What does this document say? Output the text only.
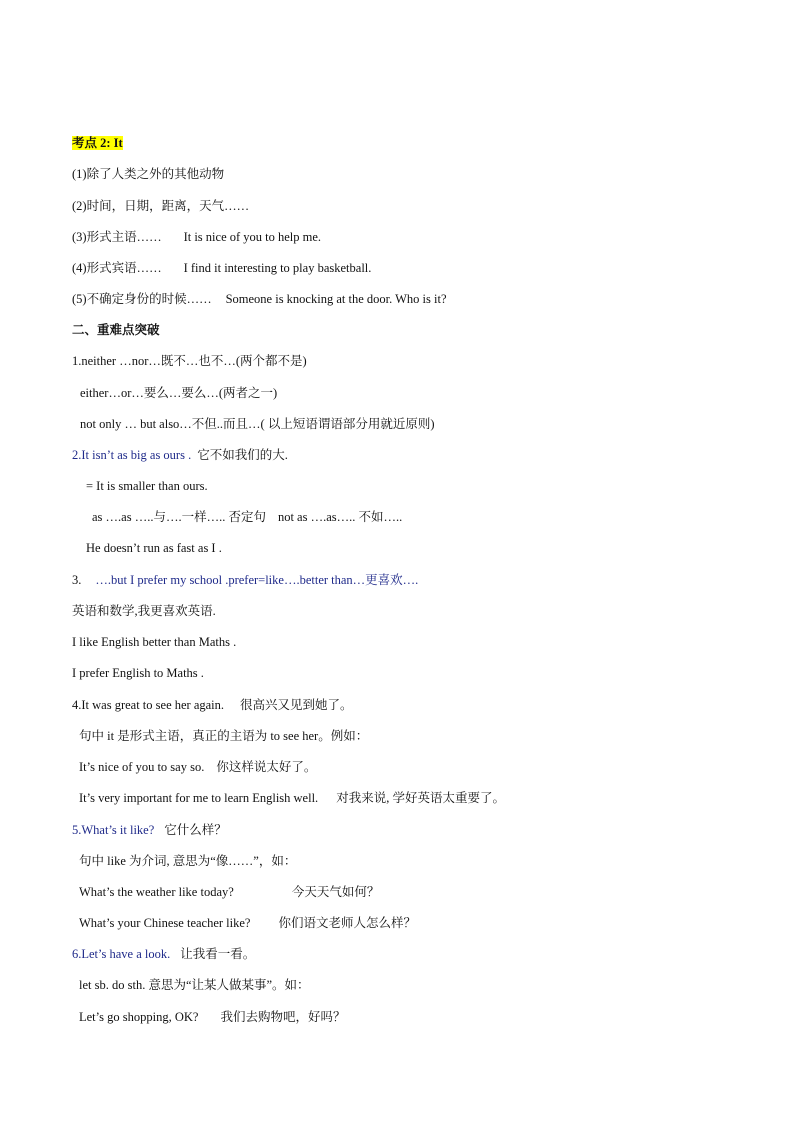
考点 2: It
(1)除了人类之外的其他动物
(2)时间，日期，距离，天气……
(3)形式主语…… It is nice of you to help me.
(4)形式宾语…… I find it interesting to play basketball.
(5)不确定身份的时候…… Someone is knocking at the door. Who is it?
二、重难点突破
1.neither …nor…既不…也不…(两个都不是)
either…or…要么…要么…(两者之一)
not only … but also…不但..而且…( 以上短语谓语部分用就近原则)
2.It isn’t as big as ours . 它不如我们的大.
= It is smaller than ours.
as ….as …..与….一样….. 否定句 not as ….as….. 不如…..
He doesn’t run as fast as I .
3. ….but I prefer my school .prefer=like….better than…更喜欢….
英语和数学,我更喜欢英语.
I like English better than Maths .
I prefer English to Maths .
4.It was great to see her again. 很高兴又见到她了。
句中 it 是形式主语，真正的主语为 to see her。例如：
It’s nice of you to say so. 你这样说太好了。
It’s very important for me to learn English well. 对我来说, 学好英语太重要了。
5.What’s it like? 它什么样？
句中 like 为介词, 意思为“像……”，如：
What’s the weather like today?	今天天气如何？
What’s your Chinese teacher like? 你们语文老师人怎么样？
6.Let’s have a look. 让我看一看。
let sb. do sth. 意思为“让某人做某事”。如：
Let’s go shopping, OK? 我们去购物吧，好吗？
